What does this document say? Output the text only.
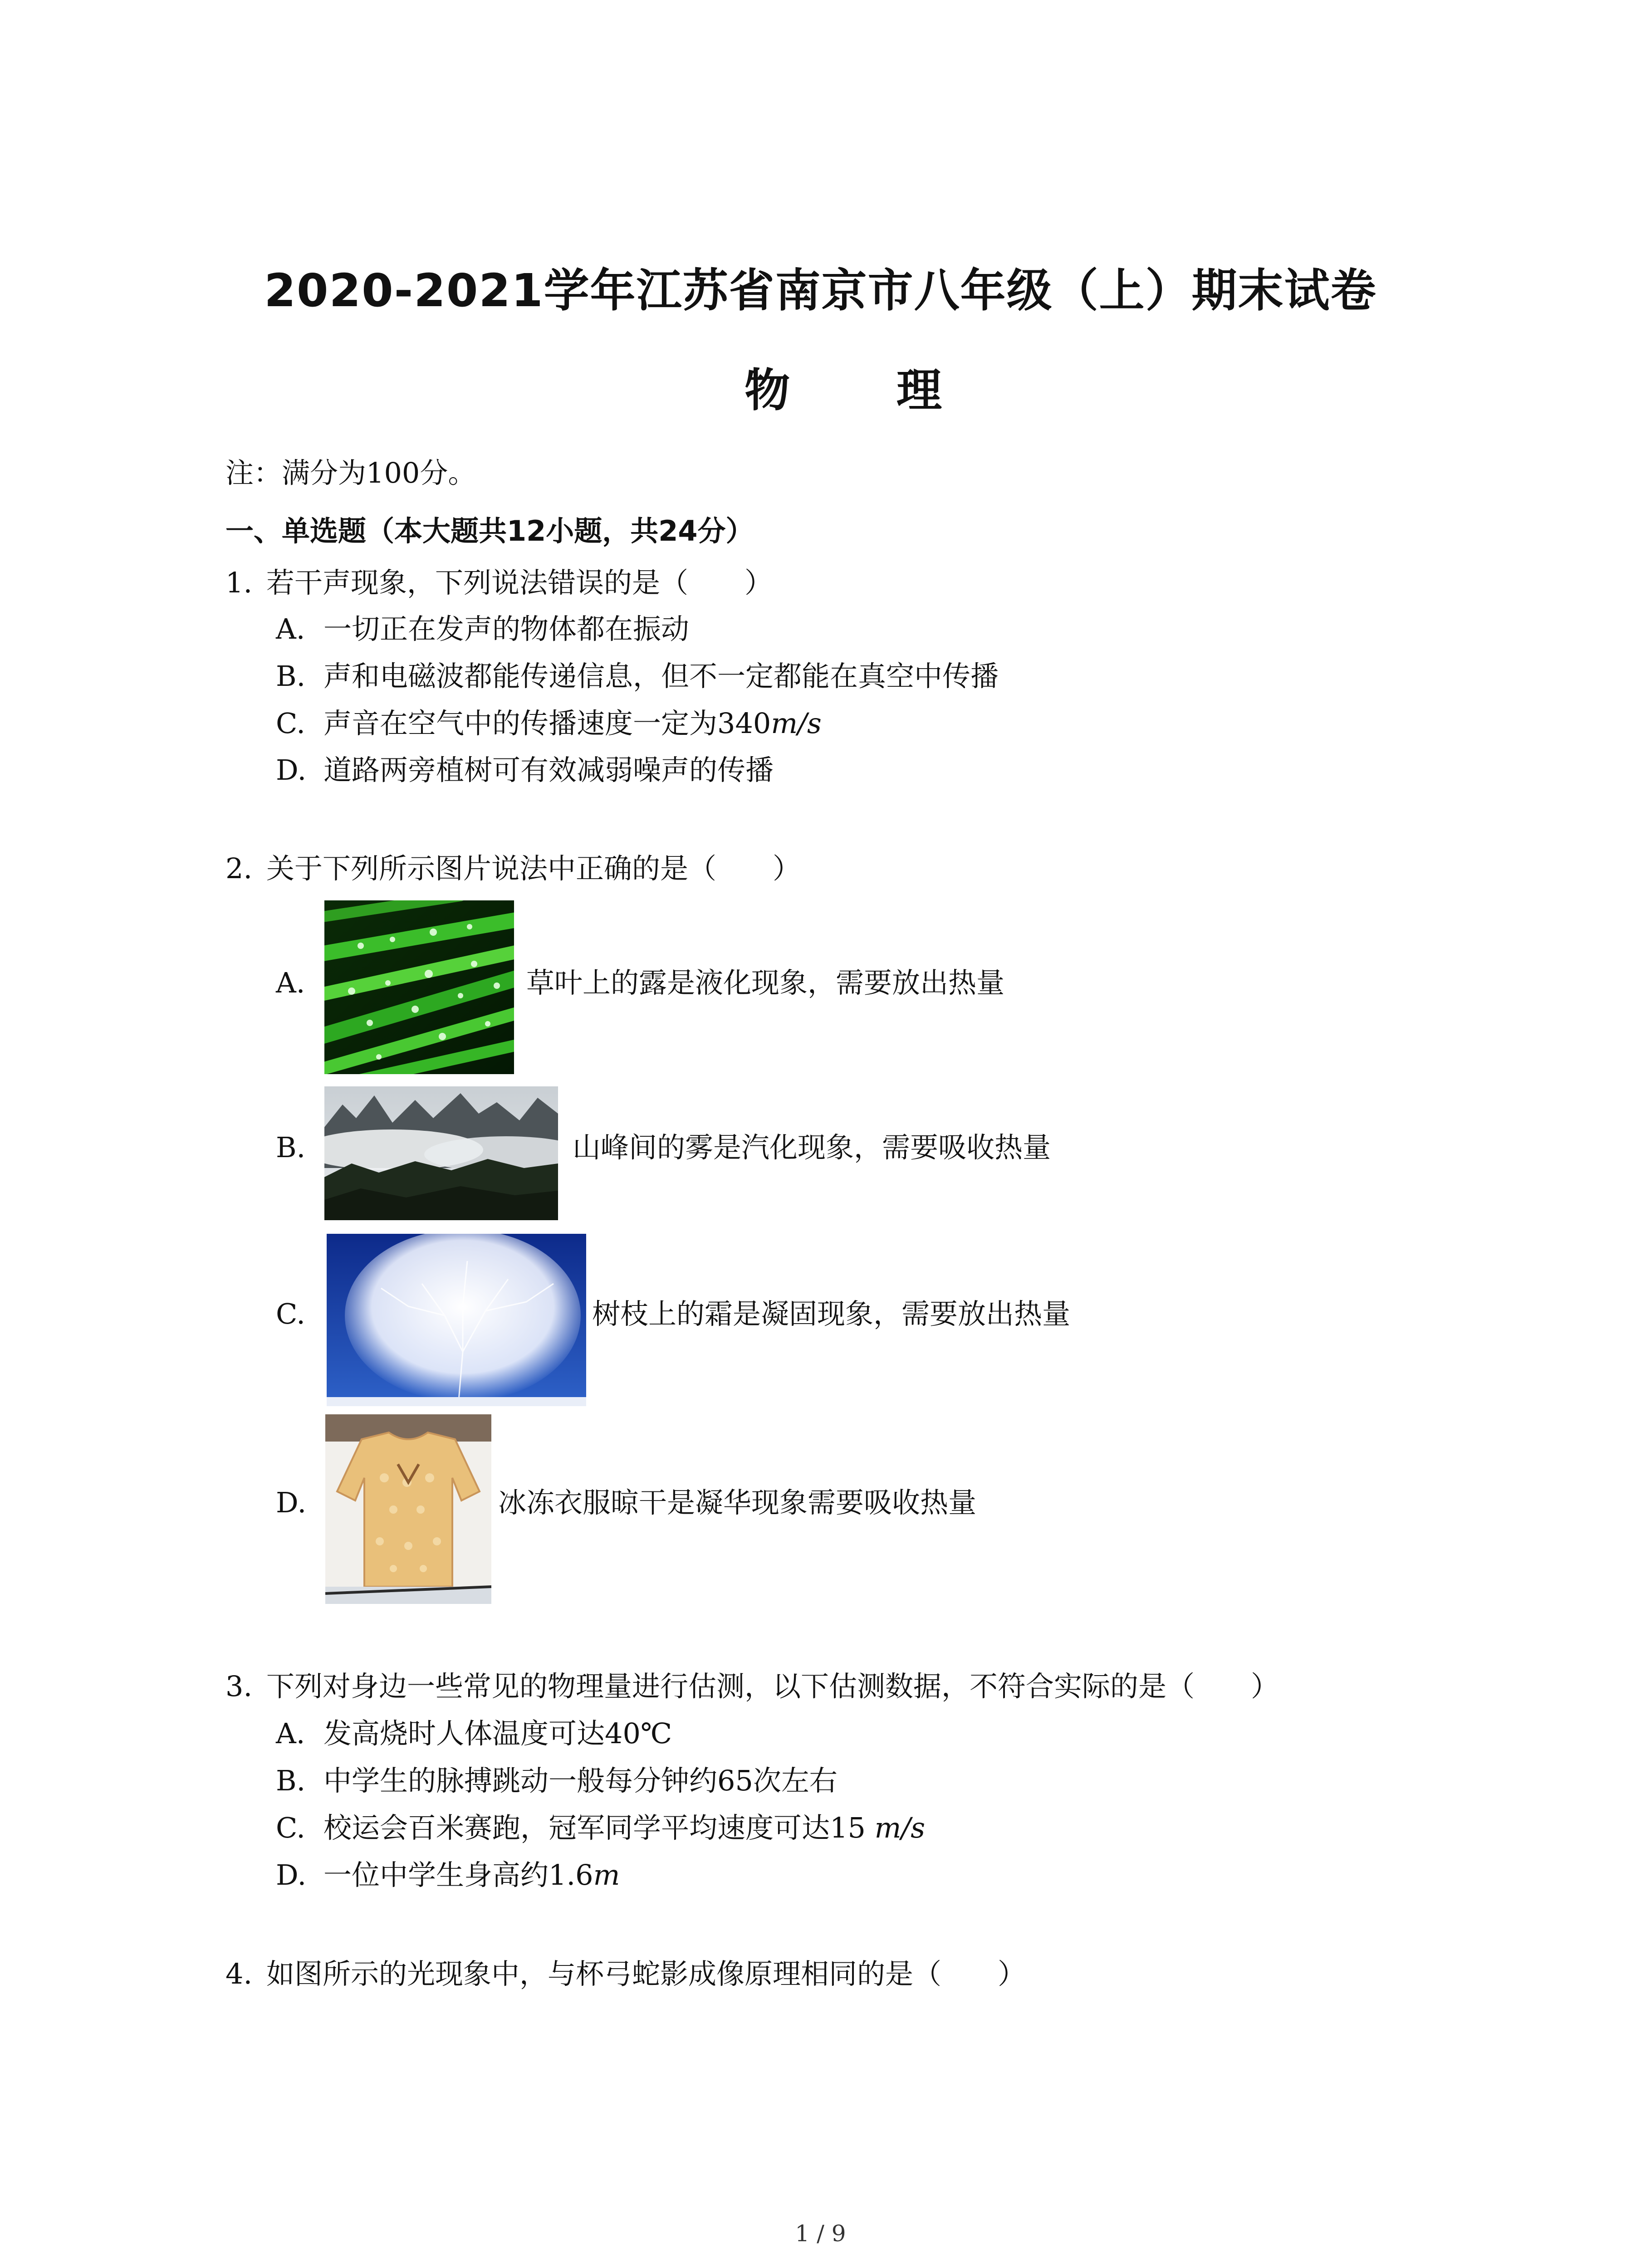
2020-2021学年江苏省南京市八年级（上）期末试卷
物 理
注：满分为100分。
一、单选题（本大题共12小题，共24分）
1. 若干声现象，下列说法错误的是（　　）
A. 一切正在发声的物体都在振动
B. 声和电磁波都能传递信息，但不一定都能在真空中传播
C. 声音在空气中的传播速度一定为340m/s
D. 道路两旁植树可有效减弱噪声的传播
2. 关于下列所示图片说法中正确的是（　　）
A.	草叶上的露是液化现象，需要放出热量
B.	山峰间的雾是汽化现象，需要吸收热量
C.	树枝上的霜是凝固现象，需要放出热量
D.	冰冻衣服晾干是凝华现象需要吸收热量
3. 下列对身边一些常见的物理量进行估测，以下估测数据，不符合实际的是（　　）
A. 发高烧时人体温度可达40℃
B. 中学生的脉搏跳动一般每分钟约65次左右
C. 校运会百米赛跑，冠军同学平均速度可达15 m/s
D. 一位中学生身高约1.6m
4. 如图所示的光现象中，与杯弓蛇影成像原理相同的是（　　）
1 / 9
